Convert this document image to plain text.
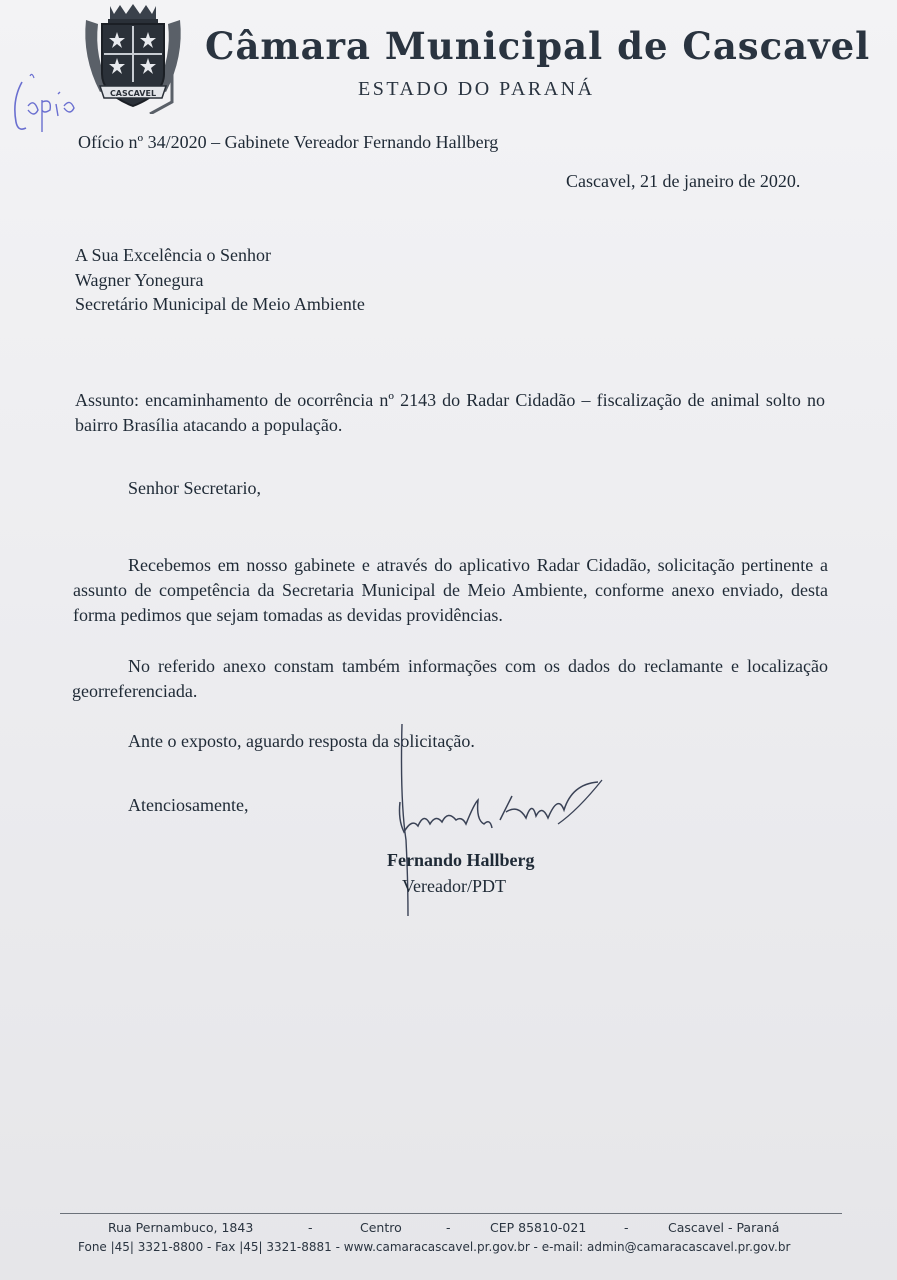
CASCAVEL
Câmara Municipal de Cascavel
ESTADO DO PARANÁ
Ofício nº 34/2020 – Gabinete Vereador Fernando Hallberg
Cascavel, 21 de janeiro de 2020.
A Sua Excelência o Senhor
Wagner Yonegura
Secretário Municipal de Meio Ambiente
Assunto: encaminhamento de ocorrência nº 2143 do Radar Cidadão – fiscalização de animal solto no bairro Brasília atacando a população.
Senhor Secretario,
Recebemos em nosso gabinete e através do aplicativo Radar Cidadão, solicitação pertinente a assunto de competência da Secretaria Municipal de Meio Ambiente, conforme anexo enviado, desta forma pedimos que sejam tomadas as devidas providências.
No referido anexo constam também informações com os dados do reclamante e localização georreferenciada.
Ante o exposto, aguardo resposta da solicitação.
Atenciosamente,
Fernando Hallberg
Vereador/PDT
Rua Pernambuco, 1843	-	Centro	-	CEP 85810-021	-	Cascavel - Paraná
Fone |45| 3321-8800 - Fax |45| 3321-8881 - www.camaracascavel.pr.gov.br - e-mail: admin@camaracascavel.pr.gov.br
